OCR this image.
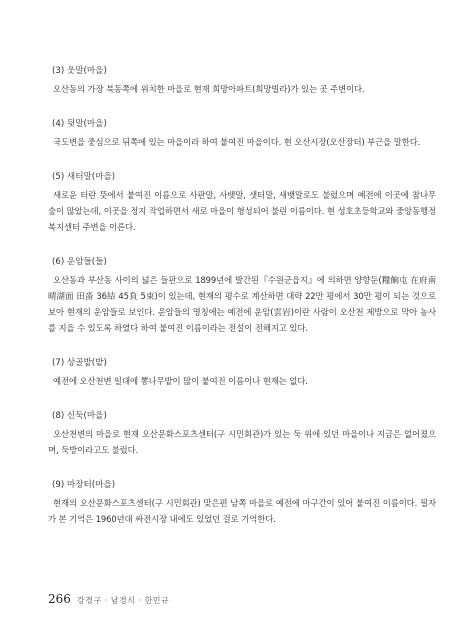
(3) 웃말(마을)

오산동의 가장 북동쪽에 위치한 마을로 현재 희망아파트(희망빌라)가 있는 곳 주변이다.

(4) 뒷말(마을)

국도변을 중심으로 뒤쪽에 있는 마을이라 하여 붙여진 마을이다. 현 오산시장(오산장터) 부근을 말한다.

(5) 새터말(마을)

새로운 터란 뜻에서 붙여진 이름으로 사판말, 사뱃말, 샛터말, 새뱃말로도 불렀으며 예전에 이곳에 참나무 숲이 많았는데, 이곳을 정지 작업하면서 새로 마을이 형성되어 불린 이름이다. 현 성호초등학교와 중앙동행정복지센터 주변을 이른다.

(6) 운암들(들)

오산동과 부산동 사이의 넓은 들판으로 1899년에 발간된『수원군읍지』에 의하면 양향둔(糧餉屯 在府南 晴湖面 田畓 36結 45負 5束)이 있는데, 현재의 평수로 계산하면 대략 22만 평에서 30만 평이 되는 것으로 보아 현재의 운암들로 보인다. 운암들의 명칭에는 예전에 운암(雲岩)이란 사람이 오산천 제방으로 막아 농사를 지을 수 있도록 하였다 하여 붙여진 이름이라는 전설이 전해지고 있다.

(7) 상골밭(밭)

예전에 오산천변 일대에 뽕나무밭이 많이 붙여진 이름이나 현재는 없다.

(8) 신둑(마을)

오산천변의 마을로 현재 오산문화스포츠센터(구 시민회관)가 있는 둑 위에 있던 마을이나 지금은 없어졌으며, 둑방이라고도 불렀다.

(9) 마장터(마을)

현재의 오산문화스포츠센터(구 시민회관) 맞은편 남쪽 마을로 예전에 마구간이 있어 붙여진 이름이다. 필자가 본 기억은 1960년대 싸전시장 내에도 있었던 걸로 기억한다.

266 강경구 · 남경식 · 한민규
